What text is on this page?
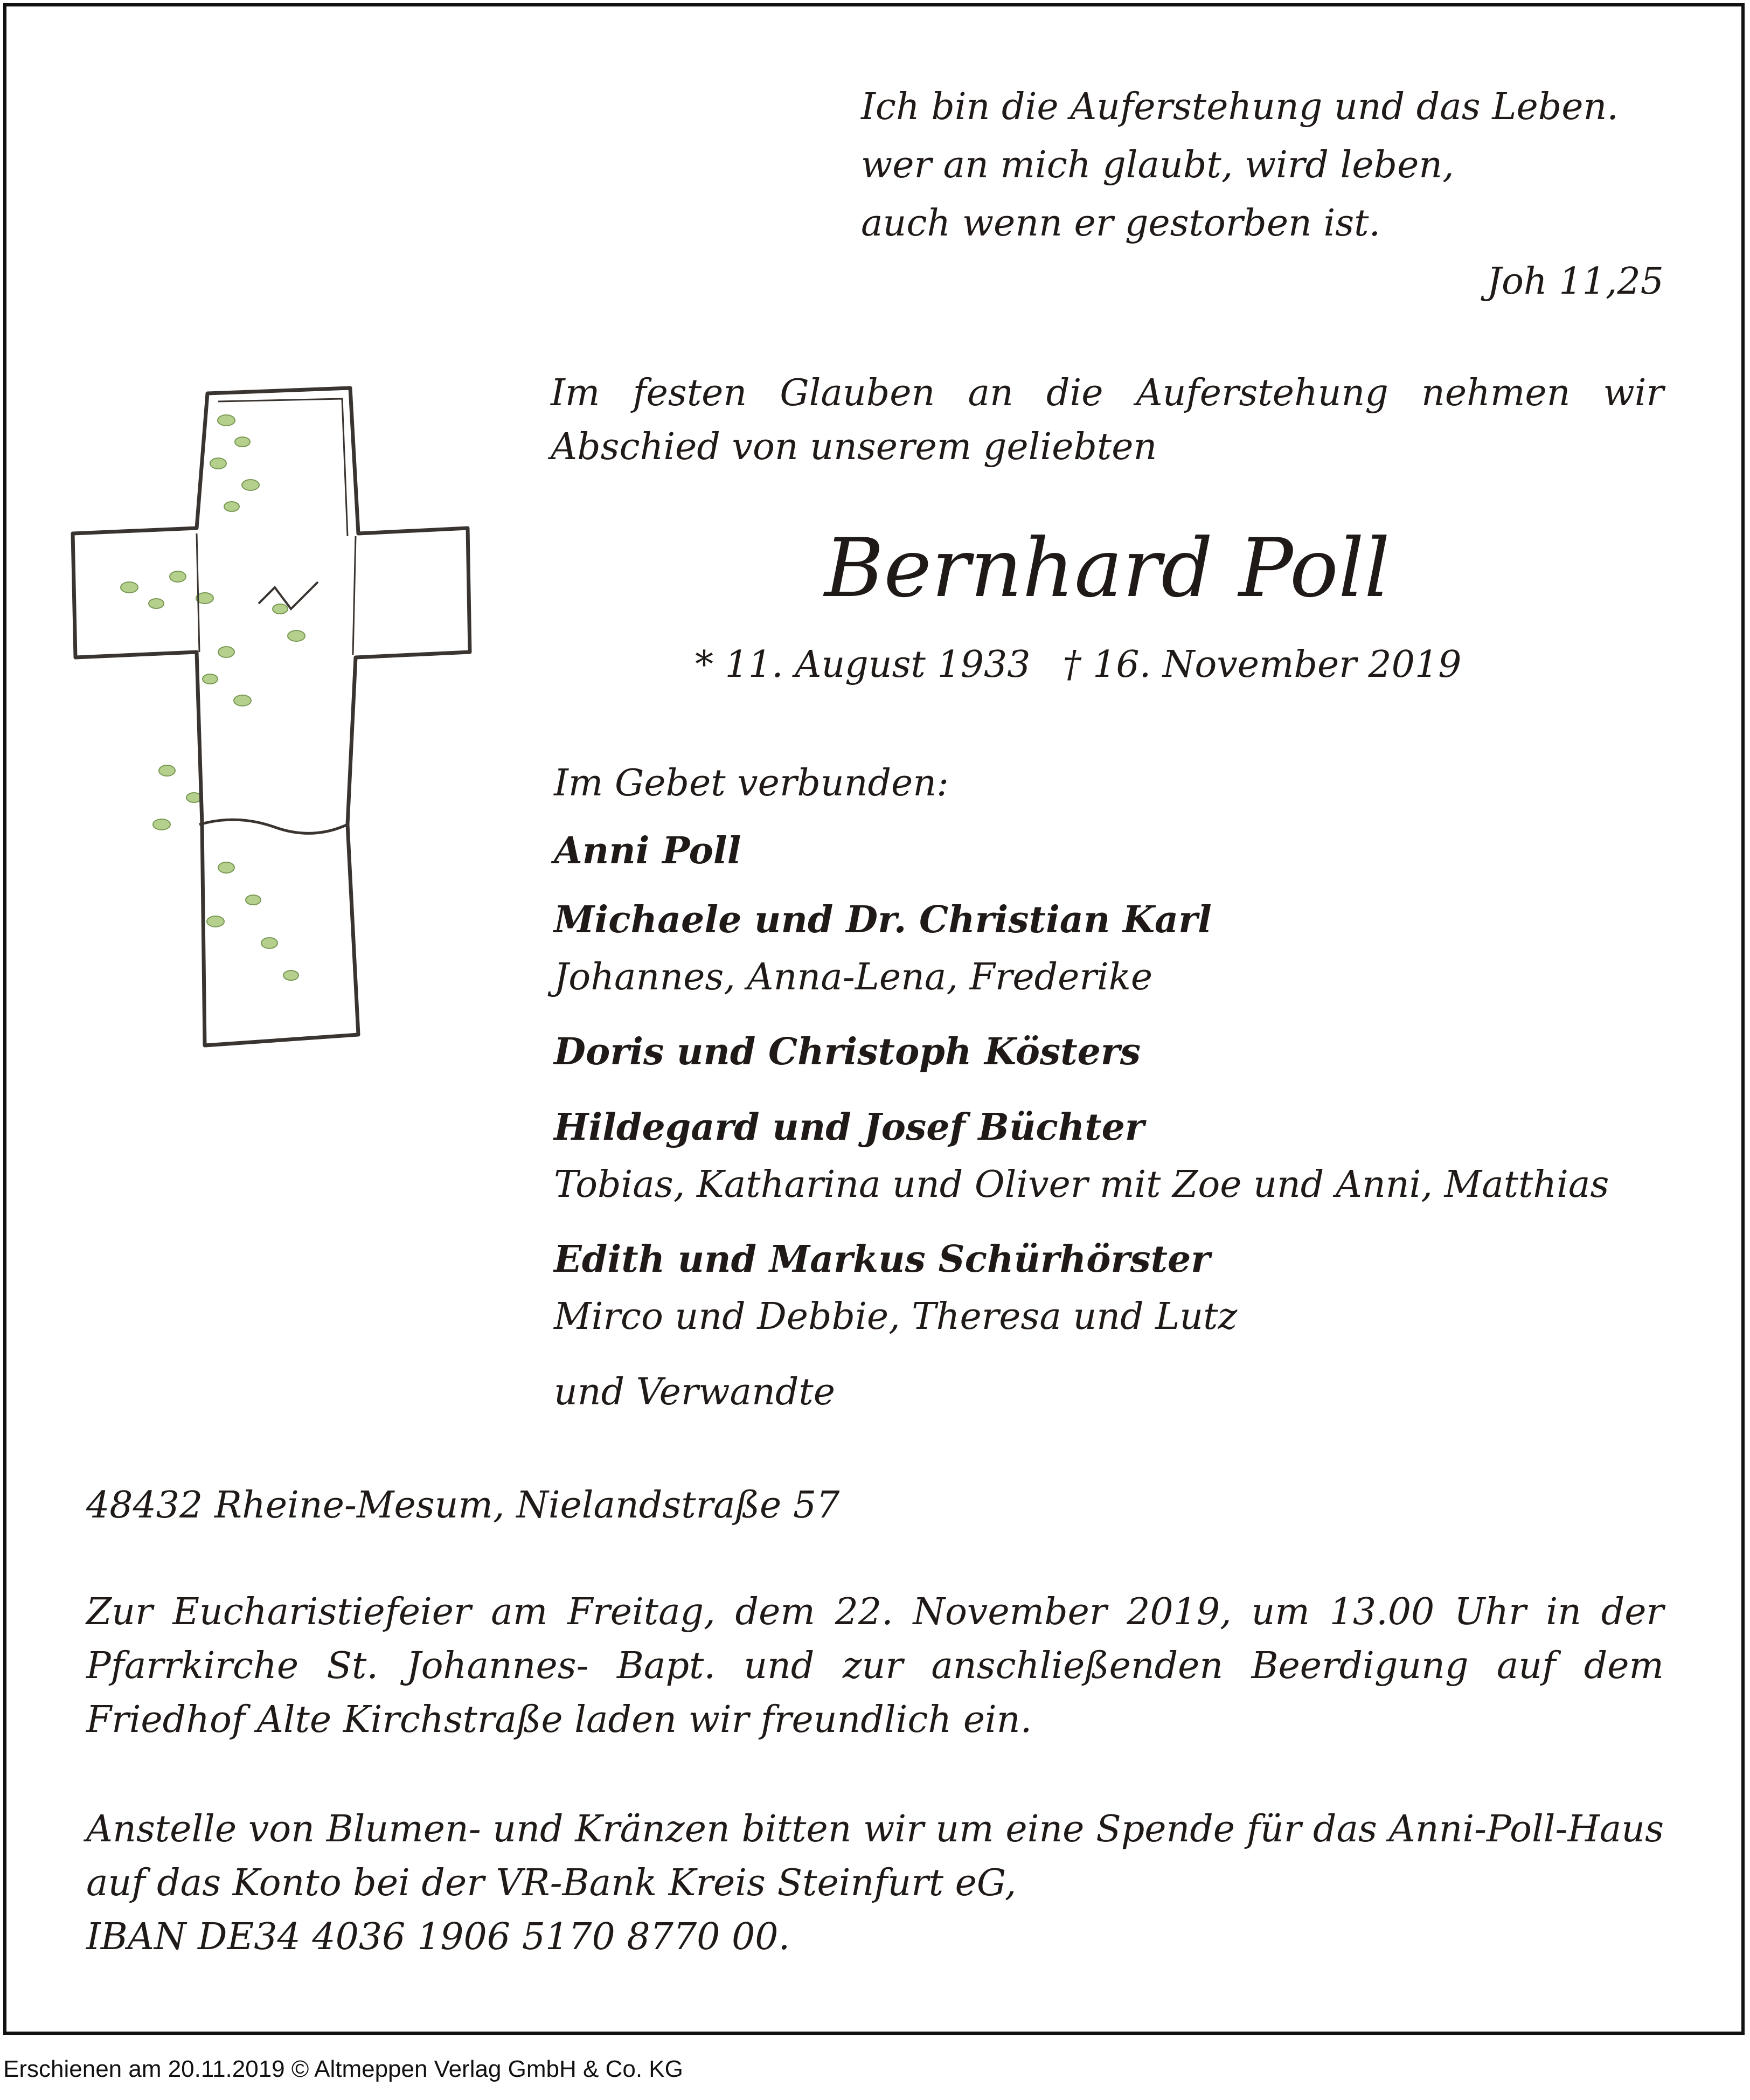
Ich bin die Auferstehung und das Leben.
wer an mich glaubt, wird leben,
auch wenn er gestorben ist.
Joh 11,25
Im festen Glauben an die Auferstehung nehmen wir Abschied von unserem geliebten
Bernhard Poll
* 11. August 1933 † 16. November 2019
Im Gebet verbunden:
Anni Poll
Michaele und Dr. Christian Karl
Johannes, Anna-Lena, Frederike
Doris und Christoph Kösters
Hildegard und Josef Büchter
Tobias, Katharina und Oliver mit Zoe und Anni, Matthias
Edith und Markus Schürhörster
Mirco und Debbie, Theresa und Lutz
und Verwandte
48432 Rheine-Mesum, Nielandstraße 57
Zur Eucharistiefeier am Freitag, dem 22. November 2019, um 13.00 Uhr in der Pfarrkirche St. Johannes- Bapt. und zur anschließenden Beerdigung auf dem Friedhof Alte Kirchstraße laden wir freundlich ein.
Anstelle von Blumen- und Kränzen bitten wir um eine Spende für das Anni-Poll-Haus auf das Konto bei der VR-Bank Kreis Steinfurt eG,
IBAN DE34 4036 1906 5170 8770 00.
Erschienen am 20.11.2019 © Altmeppen Verlag GmbH & Co. KG
